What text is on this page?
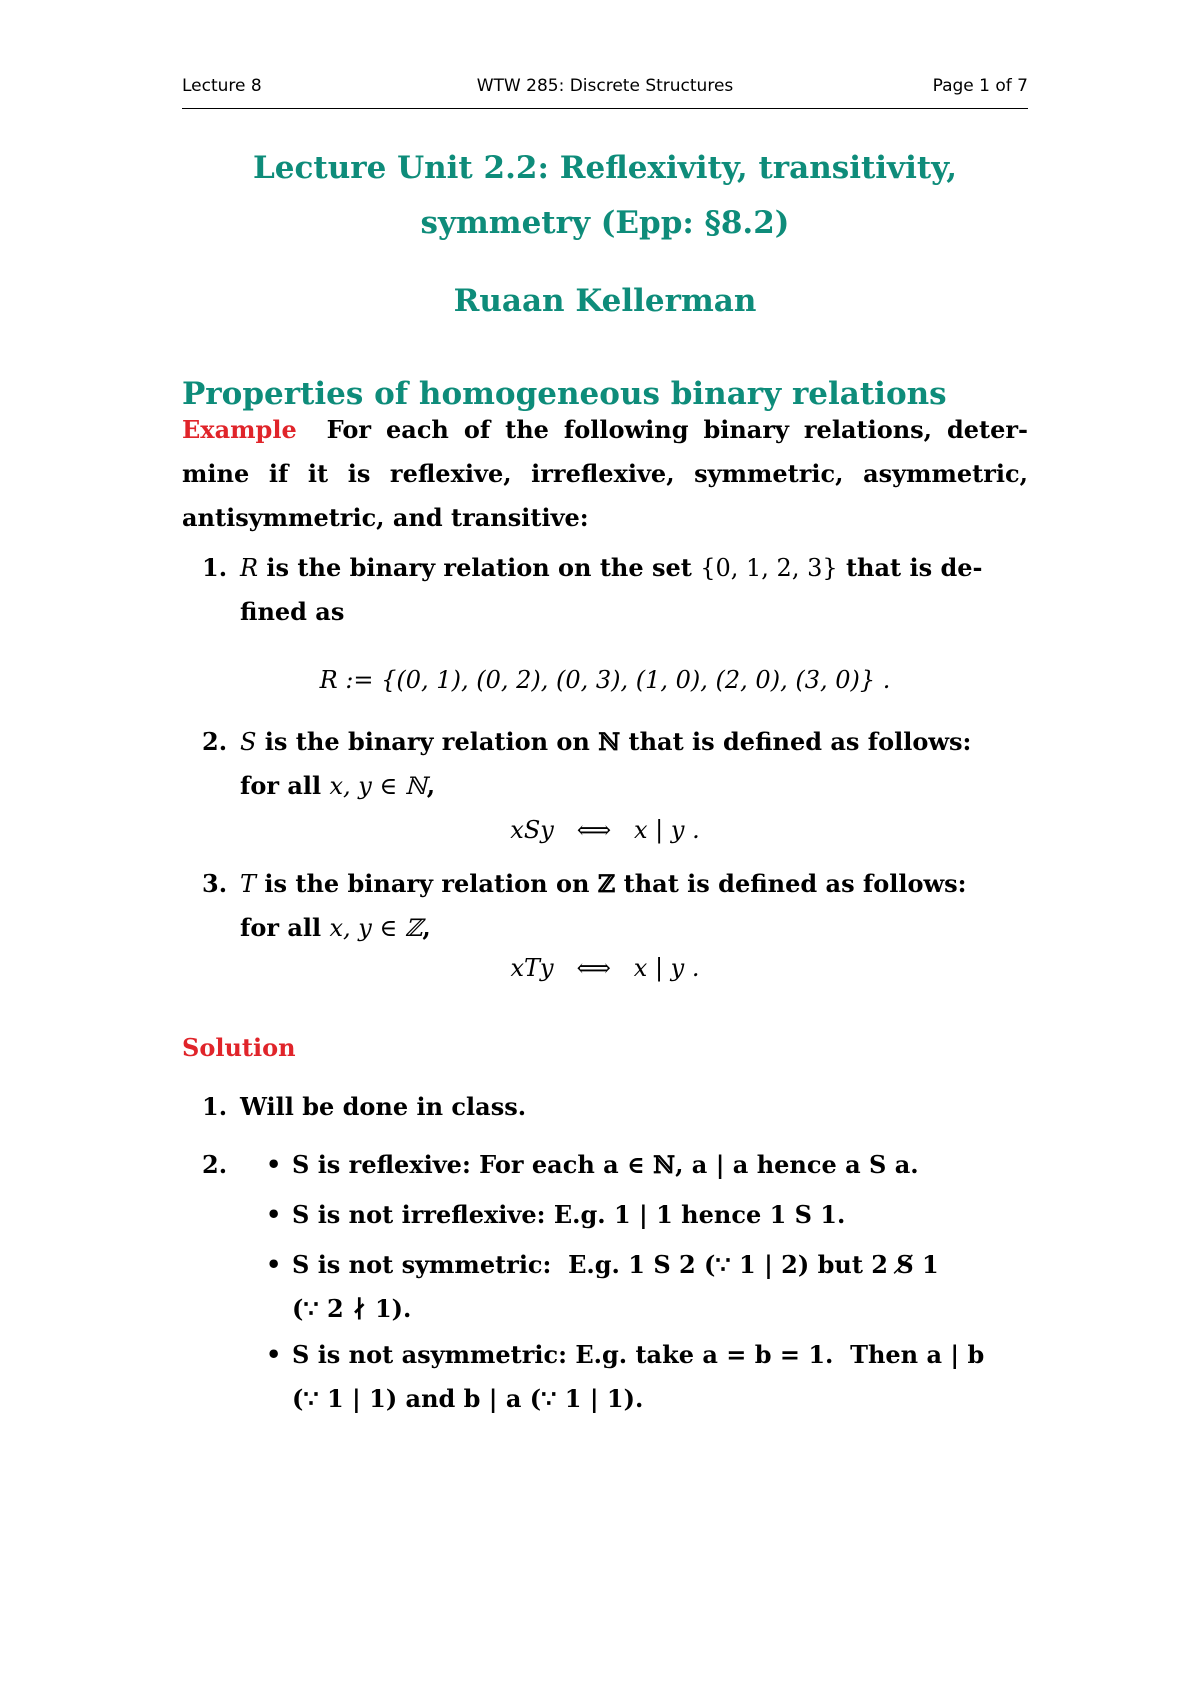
Lecture 8	WTW 285: Discrete Structures	Page 1 of 7
Lecture Unit 2.2: Reflexivity, transitivity,
symmetry (Epp: §8.2)
Ruaan Kellerman
Properties of homogeneous binary relations
Example For each of the following binary relations, deter-
mine if it is reflexive, irreflexive, symmetric, asymmetric,
antisymmetric, and transitive:
1. R is the binary relation on the set {0, 1, 2, 3} that is de-
fined as
R := {(0, 1), (0, 2), (0, 3), (1, 0), (2, 0), (3, 0)} .
2. S is the binary relation on ℕ that is defined as follows:
for all x, y ∈ ℕ,
xSy   ⟺   x | y .
3. T is the binary relation on ℤ that is defined as follows:
for all x, y ∈ ℤ,
xTy   ⟺   x | y .
Solution
1. Will be done in class.
2. • S is reflexive: For each a ∈ ℕ, a | a hence a S a.
• S is not irreflexive: E.g. 1 | 1 hence 1 S 1.
• S is not symmetric:  E.g. 1 S 2 (∵ 1 | 2) but 2 S̸ 1
(∵ 2 ∤ 1).
• S is not asymmetric: E.g. take a = b = 1.  Then a | b
(∵ 1 | 1) and b | a (∵ 1 | 1).
